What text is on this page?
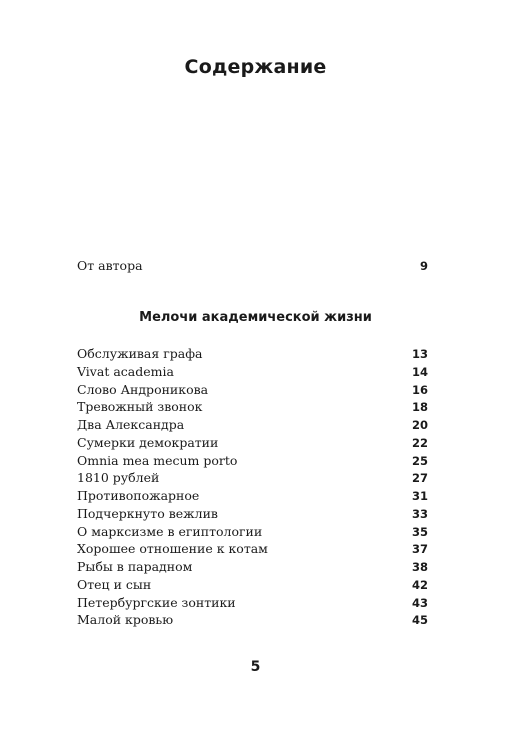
Содержание
От автора	9
Мелочи академической жизни
Обслуживая графа	13
Vivat academia	14
Слово Андроникова	16
Тревожный звонок	18
Два Александра	20
Сумерки демократии	22
Omnia mea mecum porto	25
1810 рублей	27
Противопожарное	31
Подчеркнуто вежлив	33
О марксизме в египтологии	35
Хорошее отношение к котам	37
Рыбы в парадном	38
Отец и сын	42
Петербургские зонтики	43
Малой кровью	45
5
